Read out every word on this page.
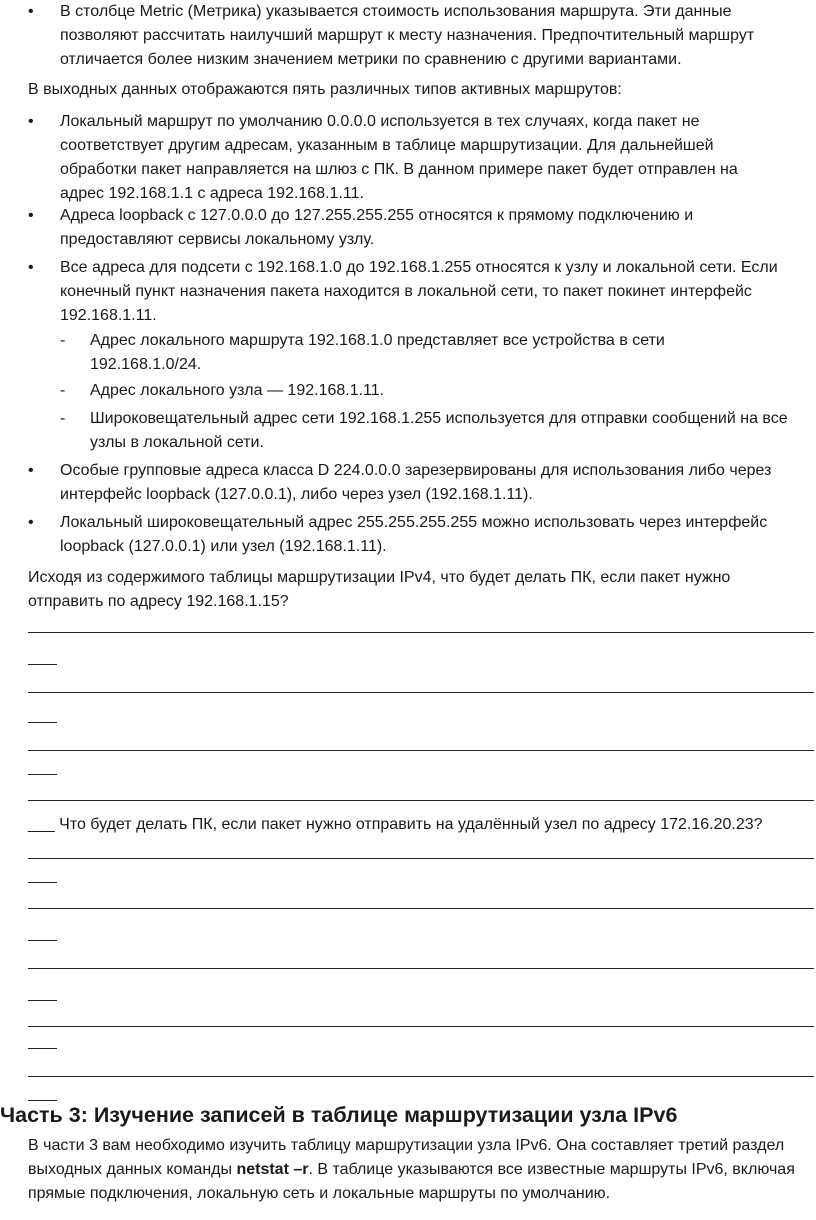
• В столбце Metric (Метрика) указывается стоимость использования маршрута. Эти данные позволяют рассчитать наилучший маршрут к месту назначения. Предпочтительный маршрут отличается более низким значением метрики по сравнению с другими вариантами.
В выходных данных отображаются пять различных типов активных маршрутов:
• Локальный маршрут по умолчанию 0.0.0.0 используется в тех случаях, когда пакет не соответствует другим адресам, указанным в таблице маршрутизации. Для дальнейшей обработки пакет направляется на шлюз с ПК. В данном примере пакет будет отправлен на адрес 192.168.1.1 с адреса 192.168.1.11.
• Адреса loopback с 127.0.0.0 до 127.255.255.255 относятся к прямому подключению и предоставляют сервисы локальному узлу.
• Все адреса для подсети с 192.168.1.0 до 192.168.1.255 относятся к узлу и локальной сети. Если конечный пункт назначения пакета находится в локальной сети, то пакет покинет интерфейс 192.168.1.11.
- Адрес локального маршрута 192.168.1.0 представляет все устройства в сети 192.168.1.0/24.
- Адрес локального узла — 192.168.1.11.
- Широковещательный адрес сети 192.168.1.255 используется для отправки сообщений на все узлы в локальной сети.
• Особые групповые адреса класса D 224.0.0.0 зарезервированы для использования либо через интерфейс loopback (127.0.0.1), либо через узел (192.168.1.11).
• Локальный широковещательный адрес 255.255.255.255 можно использовать через интерфейс loopback (127.0.0.1) или узел (192.168.1.11).
Исходя из содержимого таблицы маршрутизации IPv4, что будет делать ПК, если пакет нужно отправить по адресу 192.168.1.15?
___ Что будет делать ПК, если пакет нужно отправить на удалённый узел по адресу 172.16.20.23?
Часть 3: Изучение записей в таблице маршрутизации узла IPv6
В части 3 вам необходимо изучить таблицу маршрутизации узла IPv6. Она составляет третий раздел выходных данных команды netstat –r. В таблице указываются все известные маршруты IPv6, включая прямые подключения, локальную сеть и локальные маршруты по умолчанию.
